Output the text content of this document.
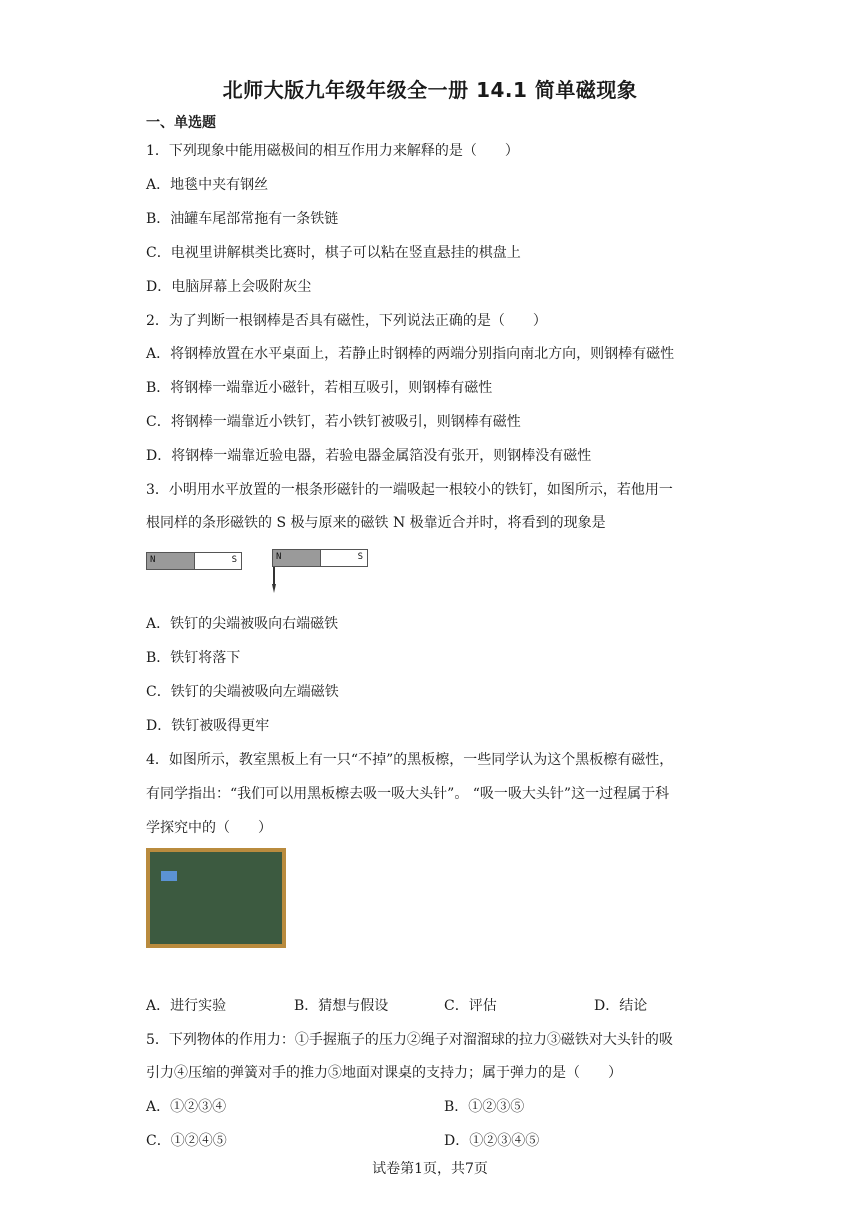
北师大版九年级年级全一册 14.1 简单磁现象
一、单选题
1．下列现象中能用磁极间的相互作用力来解释的是（　　）
A．地毯中夹有钢丝
B．油罐车尾部常拖有一条铁链
C．电视里讲解棋类比赛时，棋子可以粘在竖直悬挂的棋盘上
D．电脑屏幕上会吸附灰尘
2．为了判断一根钢棒是否具有磁性，下列说法正确的是（　　）
A．将钢棒放置在水平桌面上，若静止时钢棒的两端分别指向南北方向，则钢棒有磁性
B．将钢棒一端靠近小磁针，若相互吸引，则钢棒有磁性
C．将钢棒一端靠近小铁钉，若小铁钉被吸引，则钢棒有磁性
D．将钢棒一端靠近验电器，若验电器金属箔没有张开，则钢棒没有磁性
3．小明用水平放置的一根条形磁针的一端吸起一根较小的铁钉，如图所示，若他用一
根同样的条形磁铁的 S 极与原来的磁铁 N 极靠近合并时，将看到的现象是
N	S	N	S
A．铁钉的尖端被吸向右端磁铁
B．铁钉将落下
C．铁钉的尖端被吸向左端磁铁
D．铁钉被吸得更牢
4．如图所示，教室黑板上有一只“不掉”的黑板檫，一些同学认为这个黑板檫有磁性，
有同学指出：“我们可以用黑板檫去吸一吸大头针”。 “吸一吸大头针”这一过程属于科
学探究中的（　　）
A．进行实验	B．猜想与假设	C．评估	D．结论
5．下列物体的作用力：①手握瓶子的压力②绳子对溜溜球的拉力③磁铁对大头针的吸
引力④压缩的弹簧对手的推力⑤地面对课桌的支持力；属于弹力的是（　　）
A．①②③④	B．①②③⑤
C．①②④⑤	D．①②③④⑤
试卷第1页，共7页
